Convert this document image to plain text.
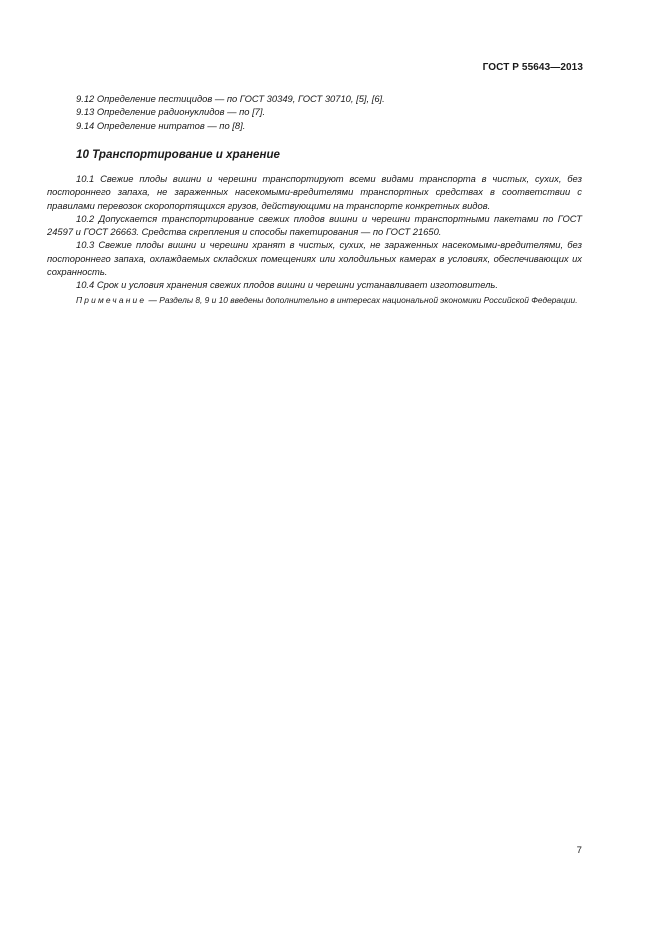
ГОСТ Р 55643—2013
9.12 Определение пестицидов — по ГОСТ 30349, ГОСТ 30710, [5], [6].
9.13 Определение радионуклидов — по [7].
9.14 Определение нитратов — по [8].
10 Транспортирование и хранение
10.1 Свежие плоды вишни и черешни транспортируют всеми видами транспорта в чистых, сухих, без постороннего запаха, не зараженных насекомыми-вредителями транспортных средствах в соответствии с правилами перевозок скоропортящихся грузов, действующими на транспорте конкретных видов.
10.2 Допускается транспортирование свежих плодов вишни и черешни транспортными пакетами по ГОСТ 24597 и ГОСТ 26663. Средства скрепления и способы пакетирования — по ГОСТ 21650.
10.3 Свежие плоды вишни и черешни хранят в чистых, сухих, не зараженных насекомыми-вредителями, без постороннего запаха, охлаждаемых складских помещениях или холодильных камерах в условиях, обеспечивающих их сохранность.
10.4 Срок и условия хранения свежих плодов вишни и черешни устанавливает изготовитель.
Примечание — Разделы 8, 9 и 10 введены дополнительно в интересах национальной экономики Российской Федерации.
7
